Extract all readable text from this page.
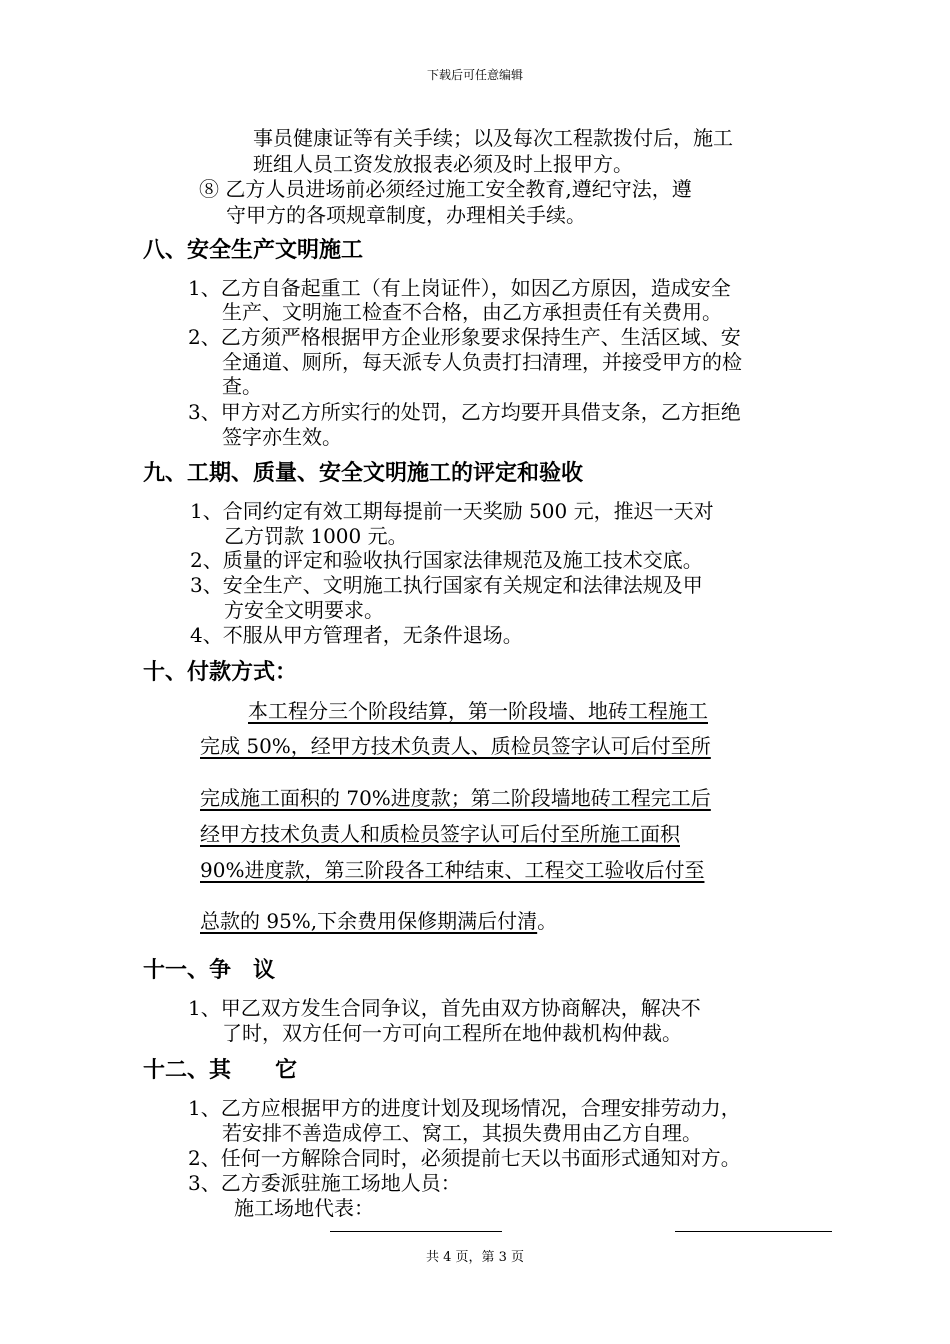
下载后可任意编辑
事员健康证等有关手续；以及每次工程款拨付后，施工
班组人员工资发放报表必须及时上报甲方。
⑧ 乙方人员进场前必须经过施工安全教育,遵纪守法，遵
守甲方的各项规章制度，办理相关手续。
八、安全生产文明施工
1、乙方自备起重工（有上岗证件），如因乙方原因，造成安全
生产、文明施工检查不合格，由乙方承担责任有关费用。
2、乙方须严格根据甲方企业形象要求保持生产、生活区域、安
全通道、厕所，每天派专人负责打扫清理，并接受甲方的检
查。
3、甲方对乙方所实行的处罚，乙方均要开具借支条，乙方拒绝
签字亦生效。
九、工期、质量、安全文明施工的评定和验收
1、合同约定有效工期每提前一天奖励 500 元，推迟一天对
乙方罚款 1000 元。
2、质量的评定和验收执行国家法律规范及施工技术交底。
3、安全生产、文明施工执行国家有关规定和法律法规及甲
方安全文明要求。
4、不服从甲方管理者，无条件退场。
十、付款方式：
本工程分三个阶段结算，第一阶段墙、地砖工程施工
完成 50%，经甲方技术负责人、质检员签字认可后付至所
完成施工面积的 70%进度款；第二阶段墙地砖工程完工后
经甲方技术负责人和质检员签字认可后付至所施工面积
90%进度款，第三阶段各工种结束、工程交工验收后付至
总款的 95%,下余费用保修期满后付清。
十一、争　议
1、甲乙双方发生合同争议，首先由双方协商解决，解决不
了时，双方任何一方可向工程所在地仲裁机构仲裁。
十二、其　　它
1、乙方应根据甲方的进度计划及现场情况，合理安排劳动力，
若安排不善造成停工、窝工，其损失费用由乙方自理。
2、任何一方解除合同时，必须提前七天以书面形式通知对方。
3、乙方委派驻施工场地人员：
施工场地代表：
共 4 页，第 3 页
